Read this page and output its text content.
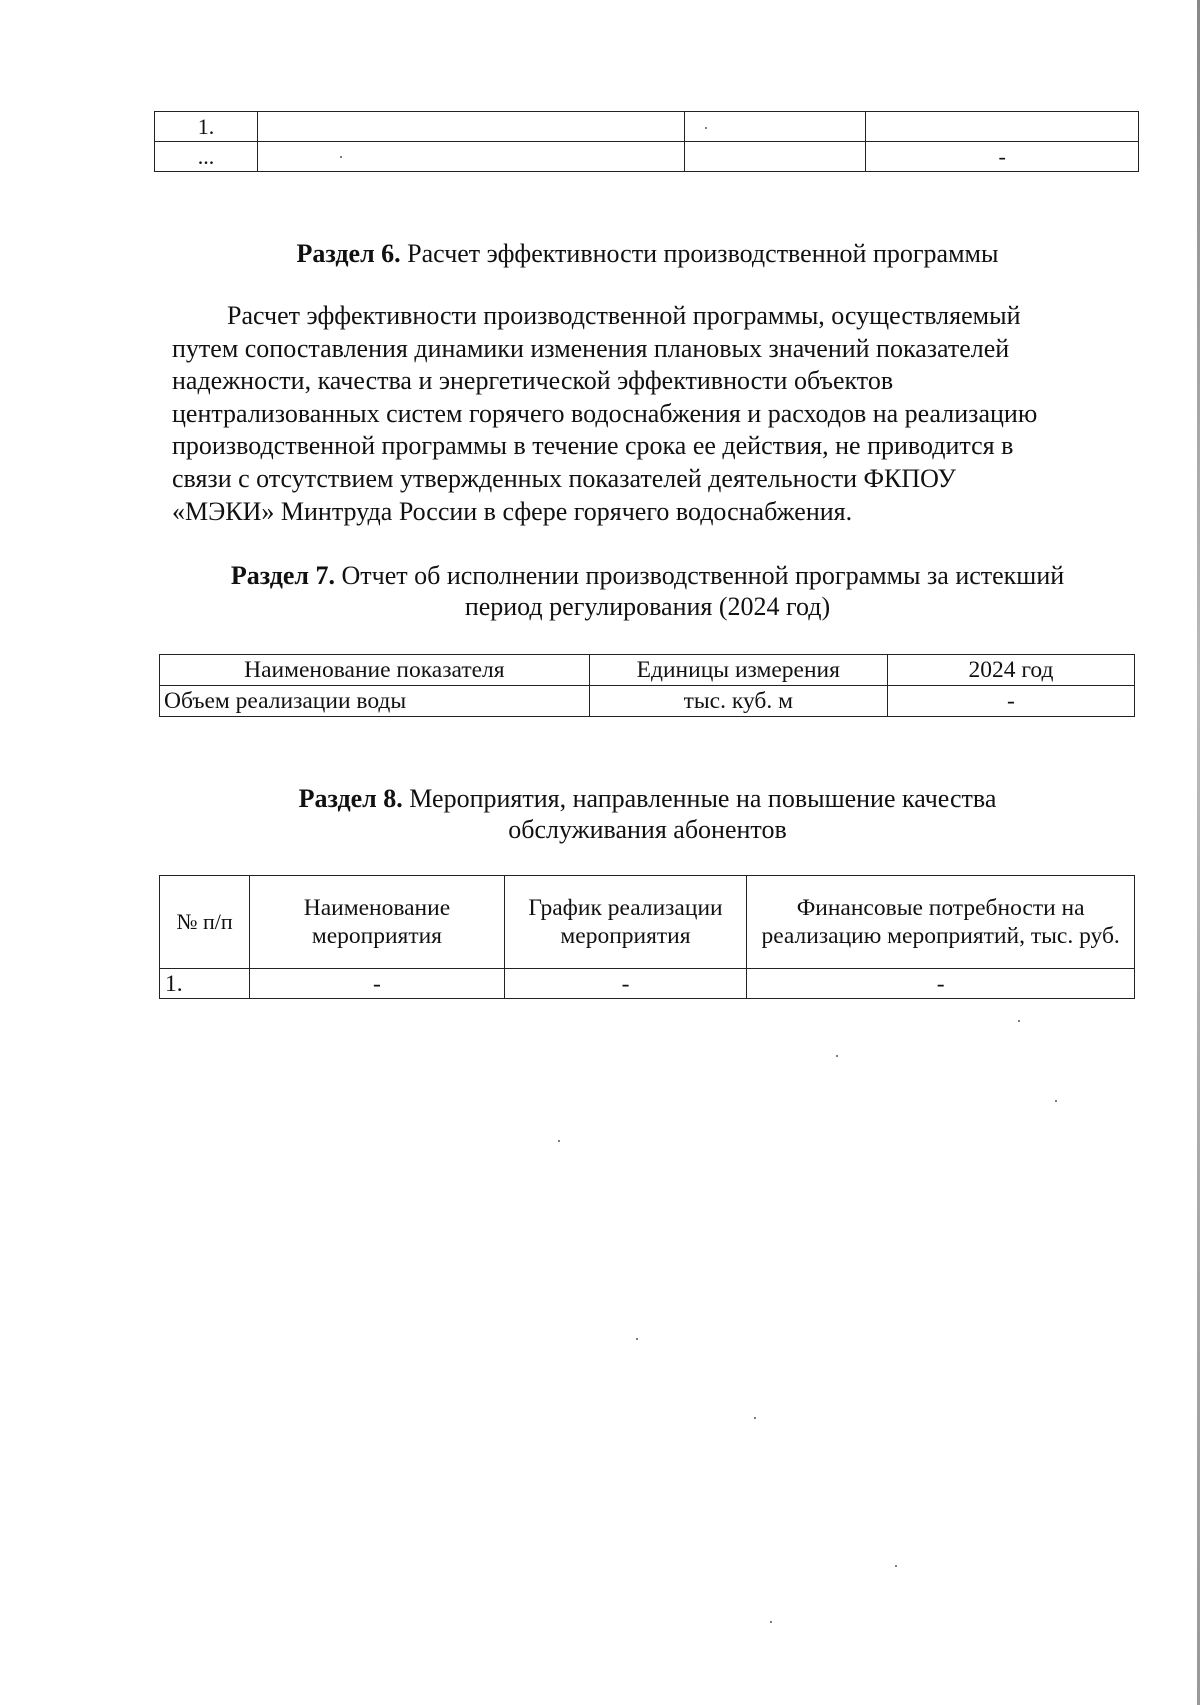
1.			
...			-
Раздел 6. Расчет эффективности производственной программы

Расчет эффективности производственной программы, осуществляемый
путем сопоставления динамики изменения плановых значений показателей
надежности, качества и энергетической эффективности объектов
централизованных систем горячего водоснабжения и расходов на реализацию
производственной программы в течение срока ее действия, не приводится в
связи с отсутствием утвержденных показателей деятельности ФКПОУ
«МЭКИ» Минтруда России в сфере горячего водоснабжения.

Раздел 7. Отчет об исполнении производственной программы за истекший
период регулирования (2024 год)
Наименование показателя	Единицы измерения	2024 год
Объем реализации воды	тыс. куб. м	-
Раздел 8. Мероприятия, направленные на повышение качества
обслуживания абонентов
№ п/п	Наименование мероприятия	График реализации мероприятия	Финансовые потребности на реализацию мероприятий, тыс. руб.
1.	-	-	-
